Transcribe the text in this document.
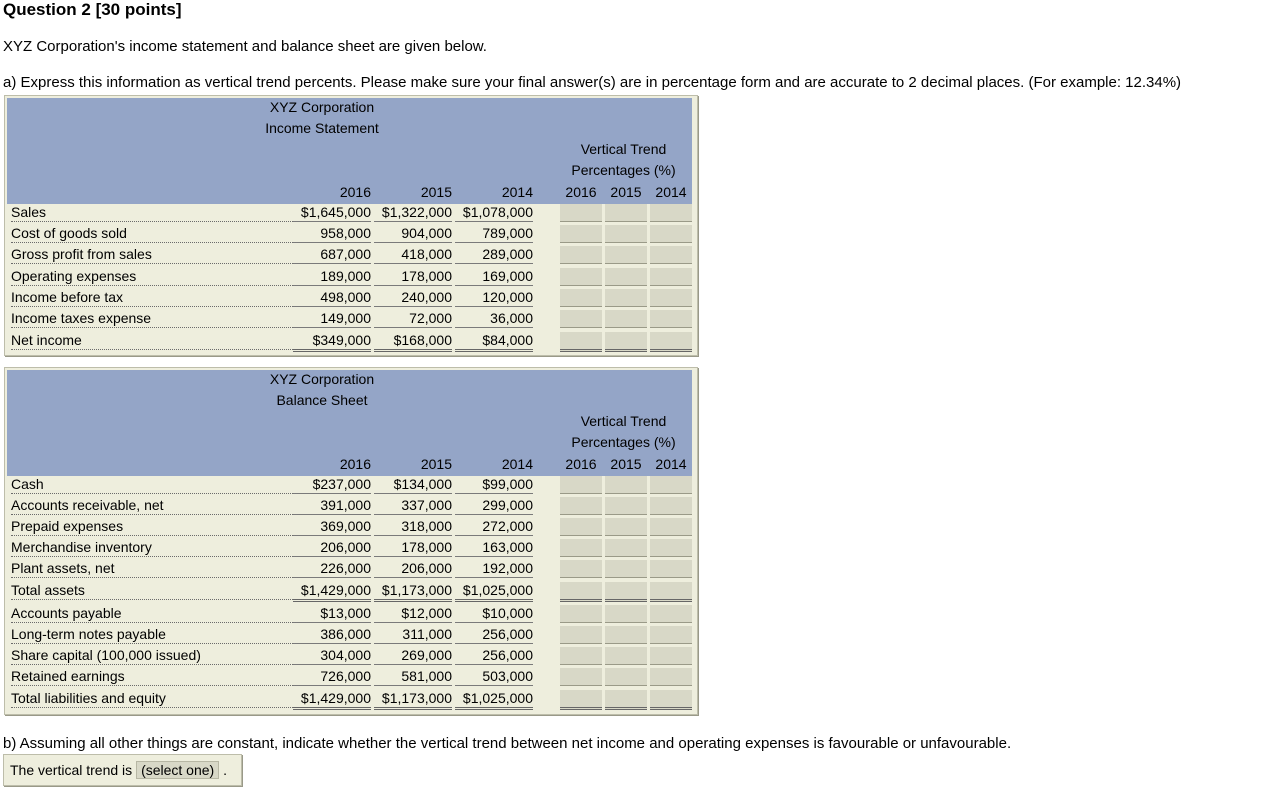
Question 2 [30 points]
XYZ Corporation's income statement and balance sheet are given below.
a) Express this information as vertical trend percents. Please make sure your final answer(s) are in percentage form and are accurate to 2 decimal places. (For example: 12.34%)
XYZ Corporation
Income Statement
Vertical Trend
Percentages (%)
2016	2015	2014	2016 2015 2014
Sales	$1,645,000 $1,322,000 $1,078,000
Cost of goods sold	958,000	904,000	789,000
Gross profit from sales	687,000	418,000	289,000
Operating expenses	189,000	178,000	169,000
Income before tax	498,000	240,000	120,000
Income taxes expense	149,000	72,000	36,000
Net income	$349,000	$168,000	$84,000
XYZ Corporation
Balance Sheet
Vertical Trend
Percentages (%)
2016	2015	2014	2016 2015 2014
Cash	$237,000	$134,000	$99,000
Accounts receivable, net	391,000	337,000	299,000
Prepaid expenses	369,000	318,000	272,000
Merchandise inventory	206,000	178,000	163,000
Plant assets, net	226,000	206,000	192,000
Total assets	$1,429,000 $1,173,000 $1,025,000
Accounts payable	$13,000	$12,000	$10,000
Long-term notes payable	386,000	311,000	256,000
Share capital (100,000 issued)	304,000	269,000	256,000
Retained earnings	726,000	581,000	503,000
Total liabilities and equity	$1,429,000 $1,173,000 $1,025,000
b) Assuming all other things are constant, indicate whether the vertical trend between net income and operating expenses is favourable or unfavourable.
The vertical trend is (select one) .
